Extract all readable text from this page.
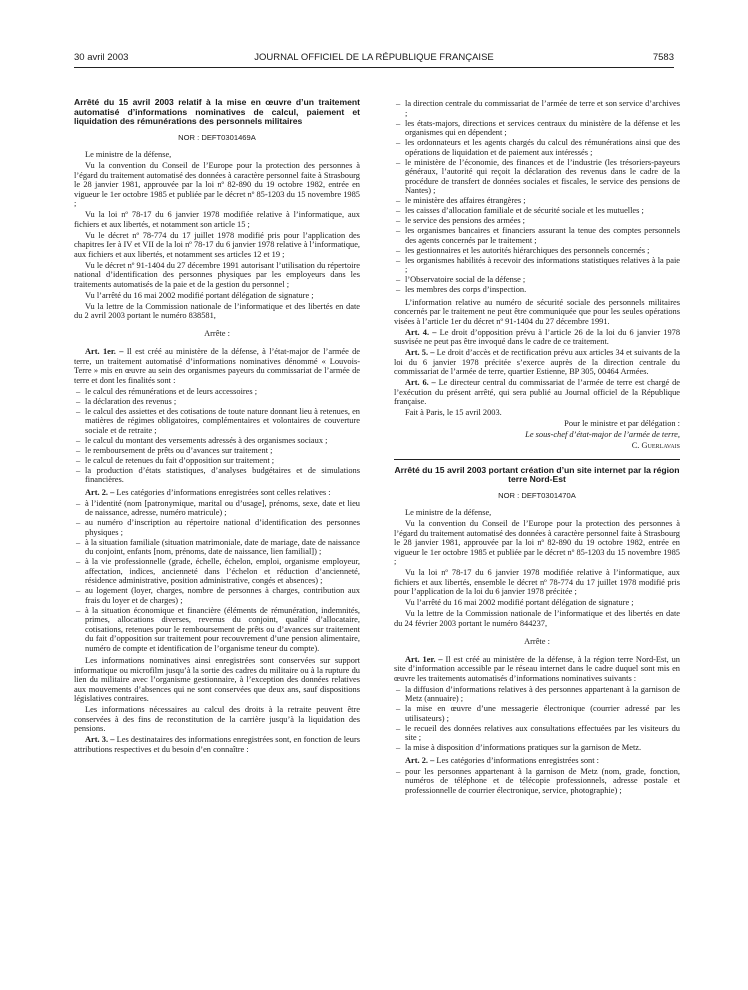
30 avril 2003	JOURNAL OFFICIEL DE LA RÉPUBLIQUE FRANÇAISE	7583
Arrêté du 15 avril 2003 relatif à la mise en œuvre d’un traitement automatisé d’informations nominatives de calcul, paiement et liquidation des rémunérations des personnels militaires
NOR : DEFT0301469A

Le ministre de la défense,

Vu la convention du Conseil de l’Europe pour la protection des personnes à l’égard du traitement automatisé des données à caractère personnel faite à Strasbourg le 28 janvier 1981, approuvée par la loi nº 82-890 du 19 octobre 1982, entrée en vigueur le 1er octobre 1985 et publiée par le décret nº 85-1203 du 15 novembre 1985 ;

Vu la loi nº 78-17 du 6 janvier 1978 modifiée relative à l’informatique, aux fichiers et aux libertés, et notamment son article 15 ;

Vu le décret nº 78-774 du 17 juillet 1978 modifié pris pour l’application des chapitres Ier à IV et VII de la loi nº 78-17 du 6 janvier 1978 relative à l’informatique, aux fichiers et aux libertés, et notamment ses articles 12 et 19 ;

Vu le décret nº 91-1404 du 27 décembre 1991 autorisant l’utilisation du répertoire national d’identification des personnes physiques par les employeurs dans les traitements automatisés de la paie et de la gestion du personnel ;

Vu l’arrêté du 16 mai 2002 modifié portant délégation de signature ;

Vu la lettre de la Commission nationale de l’informatique et des libertés en date du 2 avril 2003 portant le numéro 838581,

Arrête :

Art. 1er. – Il est créé au ministère de la défense, à l’état-major de l’armée de terre, un traitement automatisé d’informations nominatives dénommé « Louvois-Terre » mis en œuvre au sein des organismes payeurs du commissariat de l’armée de terre et dont les finalités sont :

– le calcul des rémunérations et de leurs accessoires ;
– la déclaration des revenus ;
– le calcul des assiettes et des cotisations de toute nature donnant lieu à retenues, en matières de régimes obligatoires, complémentaires et volontaires de couverture sociale et de retraite ;
– le calcul du montant des versements adressés à des organismes sociaux ;
– le remboursement de prêts ou d’avances sur traitement ;
– le calcul de retenues du fait d’opposition sur traitement ;
– la production d’états statistiques, d’analyses budgétaires et de simulations financières.

Art. 2. – Les catégories d’informations enregistrées sont celles relatives :

– à l’identité (nom [patronymique, marital ou d’usage], prénoms, sexe, date et lieu de naissance, adresse, numéro matricule) ;
– au numéro d’inscription au répertoire national d’identification des personnes physiques ;
– à la situation familiale (situation matrimoniale, date de mariage, date de naissance du conjoint, enfants [nom, prénoms, date de naissance, lien familial]) ;
– à la vie professionnelle (grade, échelle, échelon, emploi, organisme employeur, affectation, indices, ancienneté dans l’échelon et réduction d’ancienneté, résidence administrative, position administrative, congés et absences) ;
– au logement (loyer, charges, nombre de personnes à charges, contribution aux frais du loyer et de charges) ;
– à la situation économique et financière (éléments de rémunération, indemnités, primes, allocations diverses, revenus du conjoint, qualité d’allocataire, cotisations, retenues pour le remboursement de prêts ou d’avances sur traitement du fait d’opposition sur traitement pour recouvrement d’une pension alimentaire, numéro de compte et identification de l’organisme teneur du compte).

Les informations nominatives ainsi enregistrées sont conservées sur support informatique ou microfilm jusqu’à la sortie des cadres du militaire ou à la rupture du lien du militaire avec l’organisme gestionnaire, à l’exception des données relatives aux mouvements d’absences qui ne sont conservées que deux ans, sauf dispositions législatives contraires.

Les informations nécessaires au calcul des droits à la retraite peuvent être conservées à des fins de reconstitution de la carrière jusqu’à la liquidation des pensions.

Art. 3. – Les destinataires des informations enregistrées sont, en fonction de leurs attributions respectives et du besoin d’en connaître :

– la direction centrale du commissariat de l’armée de terre et son service d’archives ;
– les états-majors, directions et services centraux du ministère de la défense et les organismes qui en dépendent ;
– les ordonnateurs et les agents chargés du calcul des rémunérations ainsi que des opérations de liquidation et de paiement aux intéressés ;
– le ministère de l’économie, des finances et de l’industrie (les trésoriers-payeurs généraux, l’autorité qui reçoit la déclaration des revenus dans le cadre de la procédure de transfert de données sociales et fiscales, le service des pensions de Nantes) ;
– le ministère des affaires étrangères ;
– les caisses d’allocation familiale et de sécurité sociale et les mutuelles ;
– le service des pensions des armées ;
– les organismes bancaires et financiers assurant la tenue des comptes personnels des agents concernés par le traitement ;
– les gestionnaires et les autorités hiérarchiques des personnels concernés ;
– les organismes habilités à recevoir des informations statistiques relatives à la paie ;
– l’Observatoire social de la défense ;
– les membres des corps d’inspection.

L’information relative au numéro de sécurité sociale des personnels militaires concernés par le traitement ne peut être communiquée que pour les seules opérations visées à l’article 1er du décret nº 91-1404 du 27 décembre 1991.

Art. 4. – Le droit d’opposition prévu à l’article 26 de la loi du 6 janvier 1978 susvisée ne peut pas être invoqué dans le cadre de ce traitement.

Art. 5. – Le droit d’accès et de rectification prévu aux articles 34 et suivants de la loi du 6 janvier 1978 précitée s’exerce auprès de la direction centrale du commissariat de l’armée de terre, quartier Estienne, BP 305, 00464 Armées.

Art. 6. – Le directeur central du commissariat de l’armée de terre est chargé de l’exécution du présent arrêté, qui sera publié au Journal officiel de la République française.

Fait à Paris, le 15 avril 2003.

Pour le ministre et par délégation :

Le sous-chef d’état-major de l’armée de terre,

C. Guerlavais

Arrêté du 15 avril 2003 portant création d’un site internet par la région terre Nord-Est
NOR : DEFT0301470A

Le ministre de la défense,

Vu la convention du Conseil de l’Europe pour la protection des personnes à l’égard du traitement automatisé des données à caractère personnel faite à Strasbourg le 28 janvier 1981, approuvée par la loi nº 82-890 du 19 octobre 1982, entrée en vigueur le 1er octobre 1985 et publiée par le décret nº 85-1203 du 15 novembre 1985 ;

Vu la loi nº 78-17 du 6 janvier 1978 modifiée relative à l’informatique, aux fichiers et aux libertés, ensemble le décret nº 78-774 du 17 juillet 1978 modifié pris pour l’application de la loi du 6 janvier 1978 précitée ;

Vu l’arrêté du 16 mai 2002 modifié portant délégation de signature ;

Vu la lettre de la Commission nationale de l’informatique et des libertés en date du 24 février 2003 portant le numéro 844237,

Arrête :

Art. 1er. – Il est créé au ministère de la défense, à la région terre Nord-Est, un site d’information accessible par le réseau internet dans le cadre duquel sont mis en œuvre les traitements automatisés d’informations nominatives suivants :

– la diffusion d’informations relatives à des personnes appartenant à la garnison de Metz (annuaire) ;
– la mise en œuvre d’une messagerie électronique (courrier adressé par les utilisateurs) ;
– le recueil des données relatives aux consultations effectuées par les visiteurs du site ;
– la mise à disposition d’informations pratiques sur la garnison de Metz.

Art. 2. – Les catégories d’informations enregistrées sont :

– pour les personnes appartenant à la garnison de Metz (nom, grade, fonction, numéros de téléphone et de télécopie professionnels, adresse postale et professionnelle de courrier électronique, service, photographie) ;
